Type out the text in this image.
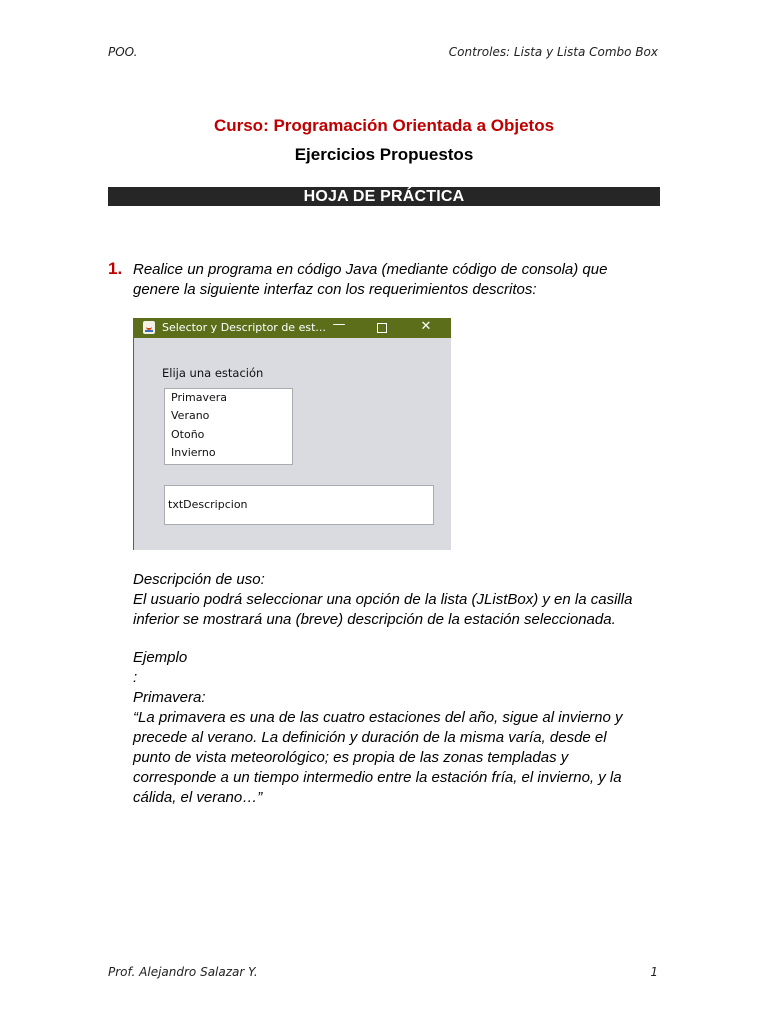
POO.	Controles: Lista y Lista Combo Box
Curso: Programación Orientada a Objetos
Ejercicios Propuestos
HOJA DE PRÁCTICA
1. Realice un programa en código Java (mediante código de consola) que
genere la siguiente interfaz con los requerimientos descritos:
Selector y Descriptor de est... —	✕
Elija una estación
Primavera
Verano
Otoño
Invierno
txtDescripcion
Descripción de uso:
El usuario podrá seleccionar una opción de la lista (JListBox) y en la casilla
inferior se mostrará una (breve) descripción de la estación seleccionada.
Ejemplo
:
Primavera:
“La primavera es una de las cuatro estaciones del año, sigue al invierno y
precede al verano. La definición y duración de la misma varía, desde el
punto de vista meteorológico; es propia de las zonas templadas y
corresponde a un tiempo intermedio entre la estación fría, el invierno, y la
cálida, el verano…”
Prof. Alejandro Salazar Y.	1
